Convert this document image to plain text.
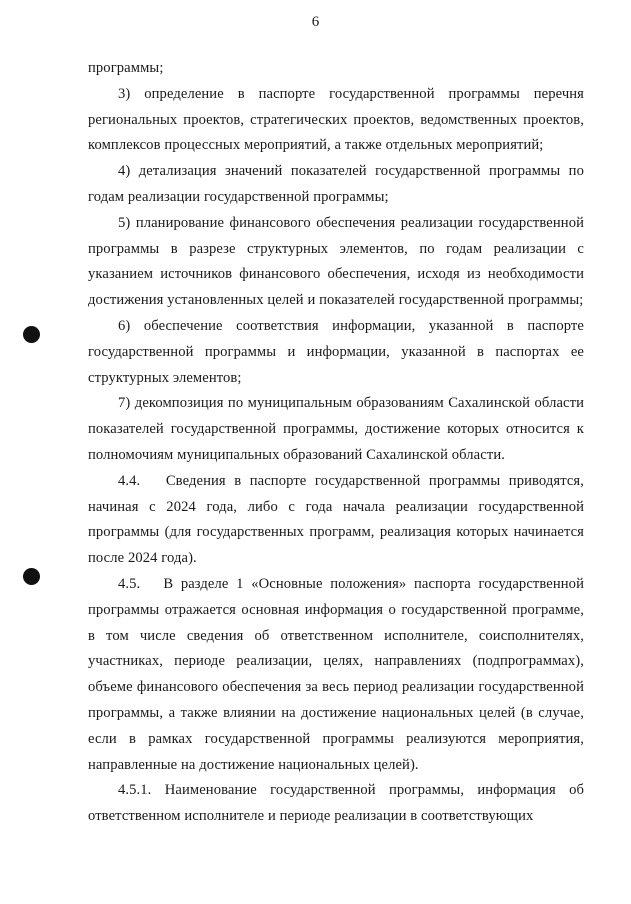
6

программы;

3) определение в паспорте государственной программы перечня региональных проектов, стратегических проектов, ведомственных проектов, комплексов процессных мероприятий, а также отдельных мероприятий;

4) детализация значений показателей государственной программы по годам реализации государственной программы;

5) планирование финансового обеспечения реализации государственной программы в разрезе структурных элементов, по годам реализации с указанием источников финансового обеспечения, исходя из необходимости достижения установленных целей и показателей государственной программы;

6) обеспечение соответствия информации, указанной в паспорте государственной программы и информации, указанной в паспортах ее структурных элементов;

7) декомпозиция по муниципальным образованиям Сахалинской области показателей государственной программы, достижение которых относится к полномочиям муниципальных образований Сахалинской области.

4.4.   Сведения в паспорте государственной программы приводятся, начиная с 2024 года, либо с года начала реализации государственной программы (для государственных программ, реализация которых начинается после 2024 года).

4.5.   В разделе 1 «Основные положения» паспорта государственной программы отражается основная информация о государственной программе, в том числе сведения об ответственном исполнителе, соисполнителях, участниках, периоде реализации, целях, направлениях (подпрограммах), объеме финансового обеспечения за весь период реализации государственной программы, а также влиянии на достижение национальных целей (в случае, если в рамках государственной программы реализуются мероприятия, направленные на достижение национальных целей).

4.5.1. Наименование государственной программы, информация об ответственном исполнителе и периоде реализации в соответствующих
